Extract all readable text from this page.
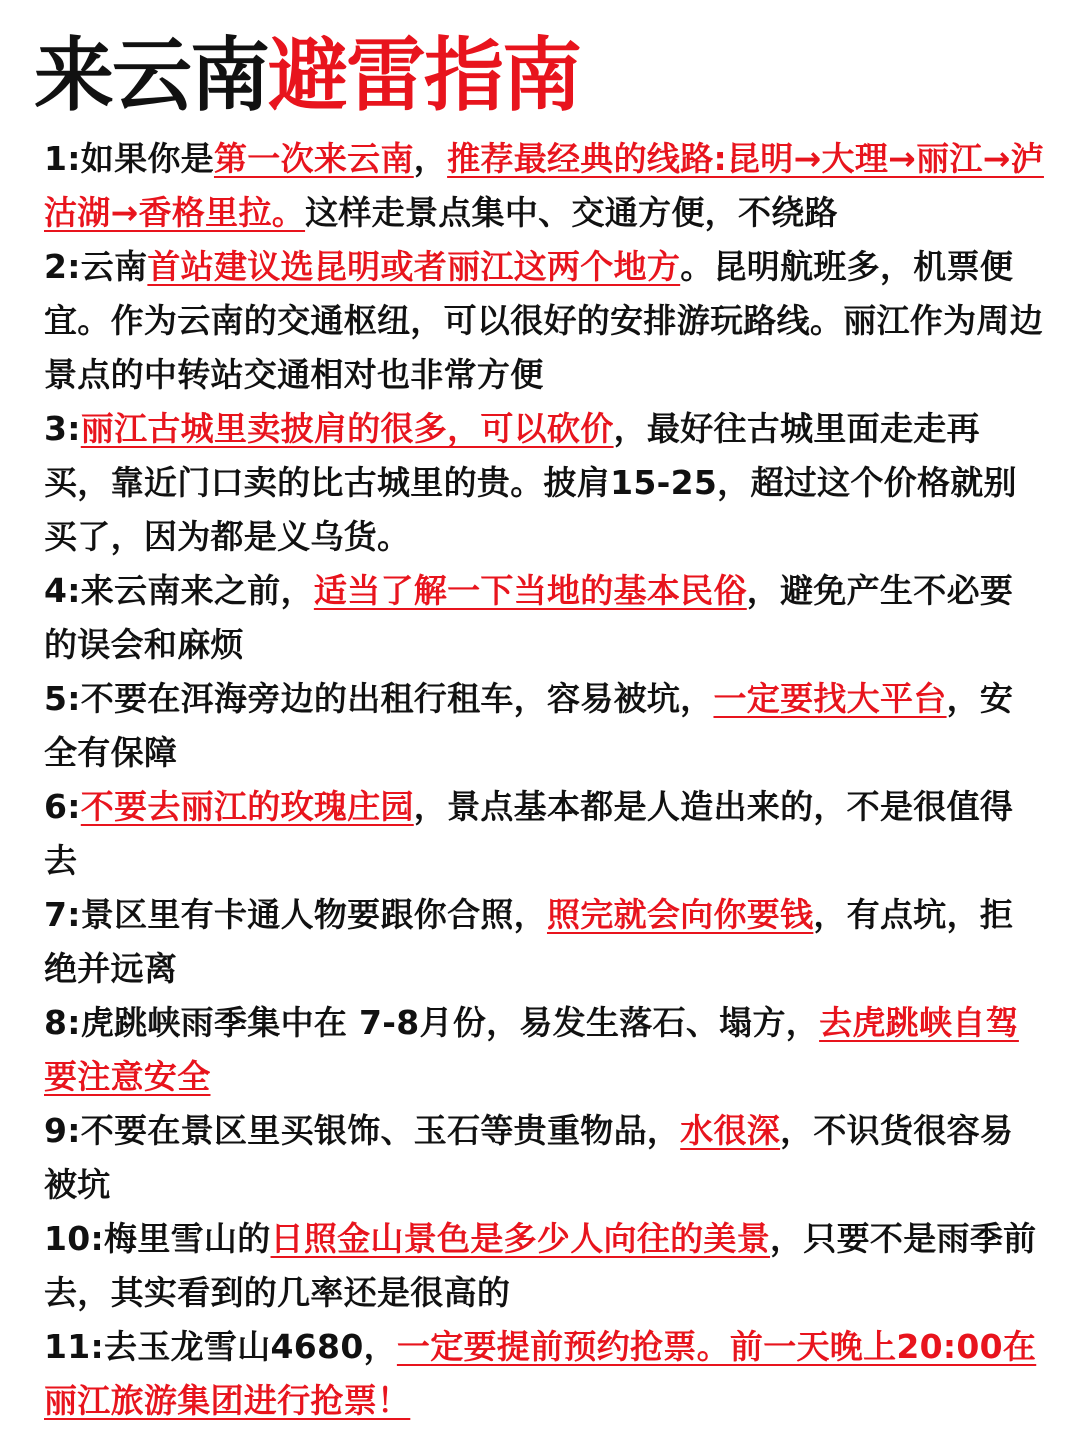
来云南避雷指南
1:如果你是第一次来云南，推荐最经典的线路:昆明→大理→丽江→泸沽湖→香格里拉。这样走景点集中、交通方便，不绕路
2:云南首站建议选昆明或者丽江这两个地方。昆明航班多，机票便宜。作为云南的交通枢纽，可以很好的安排游玩路线。丽江作为周边景点的中转站交通相对也非常方便
3:丽江古城里卖披肩的很多，可以砍价，最好往古城里面走走再买，靠近门口卖的比古城里的贵。披肩15-25，超过这个价格就别买了，因为都是义乌货。
4:来云南来之前，适当了解一下当地的基本民俗，避免产生不必要的误会和麻烦
5:不要在洱海旁边的出租行租车，容易被坑，一定要找大平台，安全有保障
6:不要去丽江的玫瑰庄园，景点基本都是人造出来的，不是很值得去
7:景区里有卡通人物要跟你合照，照完就会向你要钱，有点坑，拒绝并远离
8:虎跳峡雨季集中在 7-8月份，易发生落石、塌方，去虎跳峡自驾要注意安全
9:不要在景区里买银饰、玉石等贵重物品，水很深，不识货很容易被坑
10:梅里雪山的日照金山景色是多少人向往的美景，只要不是雨季前去，其实看到的几率还是很高的
11:去玉龙雪山4680，一定要提前预约抢票。前一天晚上20:00在丽江旅游集团进行抢票！
